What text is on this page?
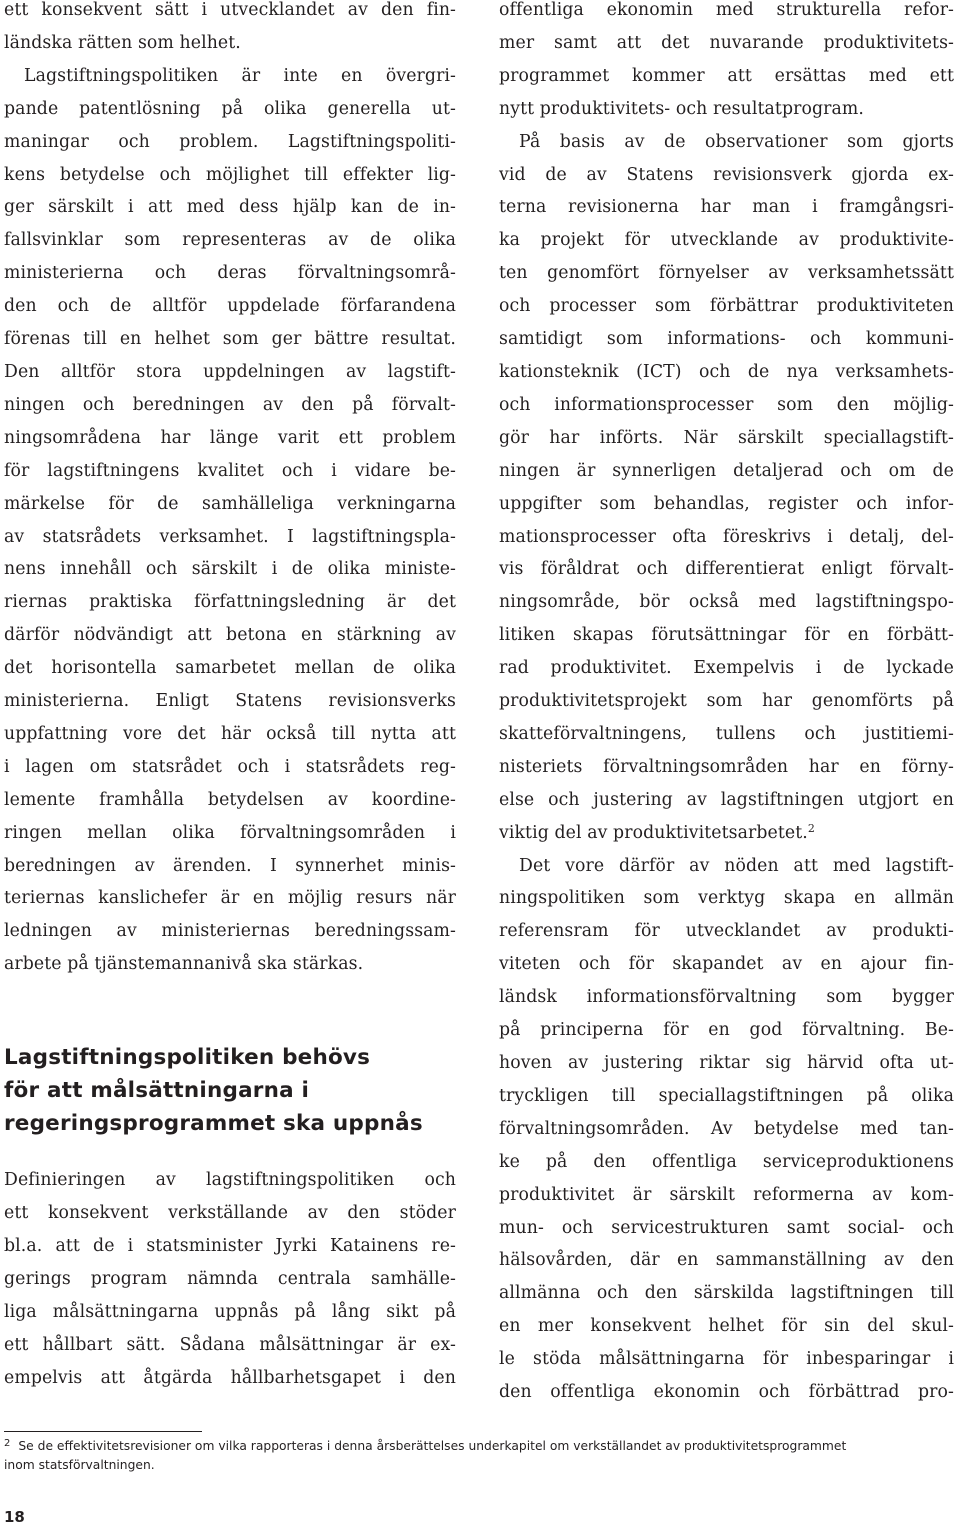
ett konsekvent sätt i utvecklandet av den fin-
ländska rätten som helhet.
Lagstiftningspolitiken är inte en övergri-
pande patentlösning på olika generella ut-
maningar och problem. Lagstiftningspoliti-
kens betydelse och möjlighet till effekter lig-
ger särskilt i att med dess hjälp kan de in-
fallsvinklar som representeras av de olika
ministerierna och deras förvaltningsområ-
den och de alltför uppdelade förfarandena
förenas till en helhet som ger bättre resultat.
Den alltför stora uppdelningen av lagstift-
ningen och beredningen av den på förvalt-
ningsområdena har länge varit ett problem
för lagstiftningens kvalitet och i vidare be-
märkelse för de samhälleliga verkningarna
av statsrådets verksamhet. I lagstiftningspla-
nens innehåll och särskilt i de olika ministe-
riernas praktiska författningsledning är det
därför nödvändigt att betona en stärkning av
det horisontella samarbetet mellan de olika
ministerierna. Enligt Statens revisionsverks
uppfattning vore det här också till nytta att
i lagen om statsrådet och i statsrådets reg-
lemente framhålla betydelsen av koordine-
ringen mellan olika förvaltningsområden i
beredningen av ärenden. I synnerhet minis-
teriernas kanslichefer är en möjlig resurs när
ledningen av ministeriernas beredningssam-
arbete på tjänstemannanivå ska stärkas.
Lagstiftningspolitiken behövs
för att målsättningarna i
regeringsprogrammet ska uppnås
Definieringen av lagstiftningspolitiken och
ett konsekvent verkställande av den stöder
bl.a. att de i statsminister Jyrki Katainens re-
gerings program nämnda centrala samhälle-
liga målsättningarna uppnås på lång sikt på
ett hållbart sätt. Sådana målsättningar är ex-
empelvis att åtgärda hållbarhetsgapet i den
offentliga ekonomin med strukturella refor-
mer samt att det nuvarande produktivitets-
programmet kommer att ersättas med ett
nytt produktivitets- och resultatprogram.
På basis av de observationer som gjorts
vid de av Statens revisionsverk gjorda ex-
terna revisionerna har man i framgångsri-
ka projekt för utvecklande av produktivite-
ten genomfört förnyelser av verksamhetssätt
och processer som förbättrar produktiviteten
samtidigt som informations- och kommuni-
kationsteknik (ICT) och de nya verksamhets-
och informationsprocesser som den möjlig-
gör har införts. När särskilt speciallagstift-
ningen är synnerligen detaljerad och om de
uppgifter som behandlas, register och infor-
mationsprocesser ofta föreskrivs i detalj, del-
vis föråldrat och differentierat enligt förvalt-
ningsområde, bör också med lagstiftningspo-
litiken skapas förutsättningar för en förbätt-
rad produktivitet. Exempelvis i de lyckade
produktivitetsprojekt som har genomförts på
skatteförvaltningens, tullens och justitiemi-
nisteriets förvaltningsområden har en förny-
else och justering av lagstiftningen utgjort en
viktig del av produktivitetsarbetet.$^2$
Det vore därför av nöden att med lagstift-
ningspolitiken som verktyg skapa en allmän
referensram för utvecklandet av produkti-
viteten och för skapandet av en ajour fin-
ländsk informationsförvaltning som bygger
på principerna för en god förvaltning. Be-
hoven av justering riktar sig härvid ofta ut-
tryckligen till speciallagstiftningen på olika
förvaltningsområden. Av betydelse med tan-
ke på den offentliga serviceproduktionens
produktivitet är särskilt reformerna av kom-
mun- och servicestrukturen samt social- och
hälsovården, där en sammanställning av den
allmänna och den särskilda lagstiftningen till
en mer konsekvent helhet för sin del skul-
le stöda målsättningarna för inbesparingar i
den offentliga ekonomin och förbättrad pro-
$^2$ Se de effektivitetsrevisioner om vilka rapporteras i denna årsberättelses underkapitel om verkställandet av produktivitetsprogrammet
inom statsförvaltningen.
18
